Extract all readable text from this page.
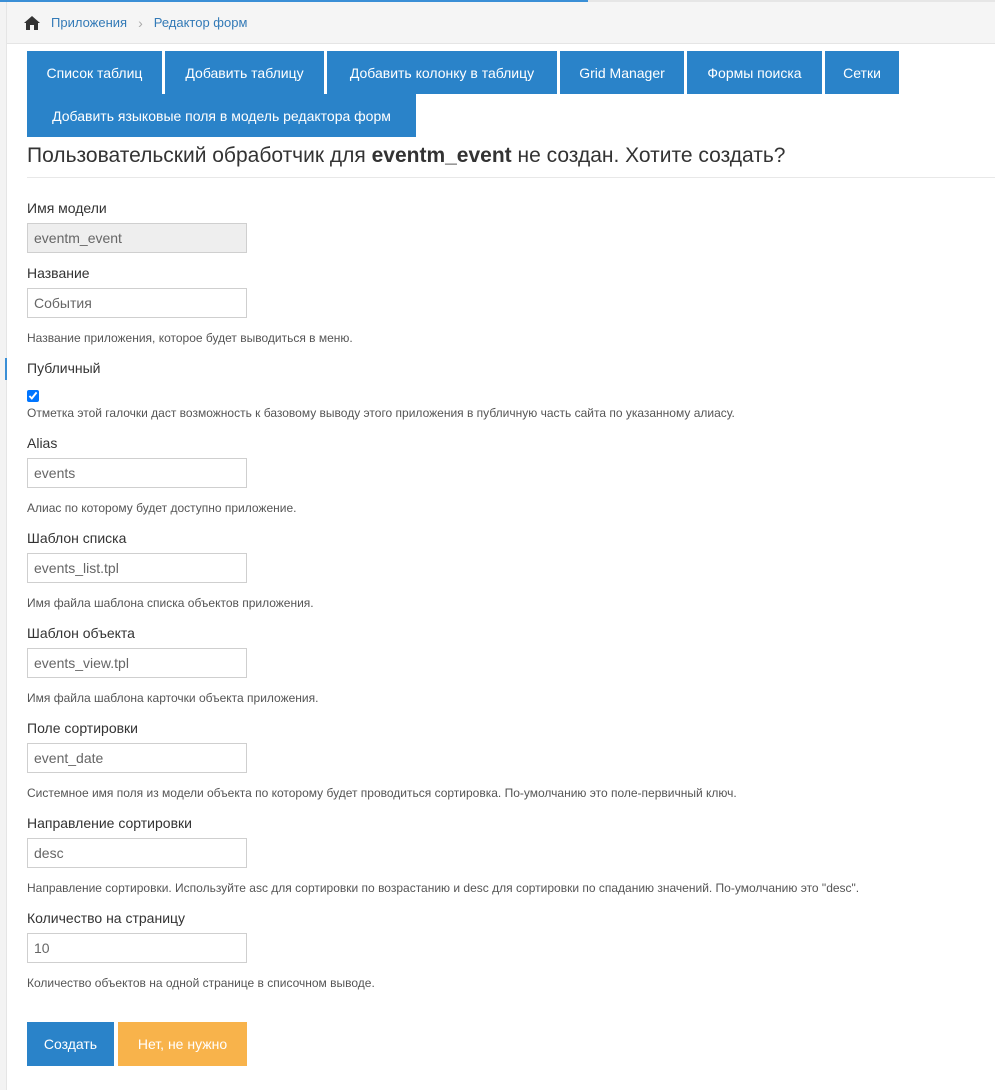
Приложения › Редактор форм
Список таблиц	Добавить таблицу	Добавить колонку в таблицу	Grid Manager	Формы поиска	Сетки
Добавить языковые поля в модель редактора форм
Пользовательский обработчик для eventm_event не создан. Хотите создать?
Имя модели
eventm_event
Название
События
Название приложения, которое будет выводиться в меню.
Публичный
Отметка этой галочки даст возможность к базовому выводу этого приложения в публичную часть сайта по указанному алиасу.
Alias
events
Алиас по которому будет доступно приложение.
Шаблон списка
events_list.tpl
Имя файла шаблона списка объектов приложения.
Шаблон объекта
events_view.tpl
Имя файла шаблона карточки объекта приложения.
Поле сортировки
event_date
Системное имя поля из модели объекта по которому будет проводиться сортировка. По-умолчанию это поле-первичный ключ.
Направление сортировки
desc
Направление сортировки. Используйте asc для сортировки по возрастанию и desc для сортировки по спаданию значений. По-умолчанию это "desc".
Количество на страницу
10
Количество объектов на одной странице в списочном выводе.
Создать	Нет, не нужно
